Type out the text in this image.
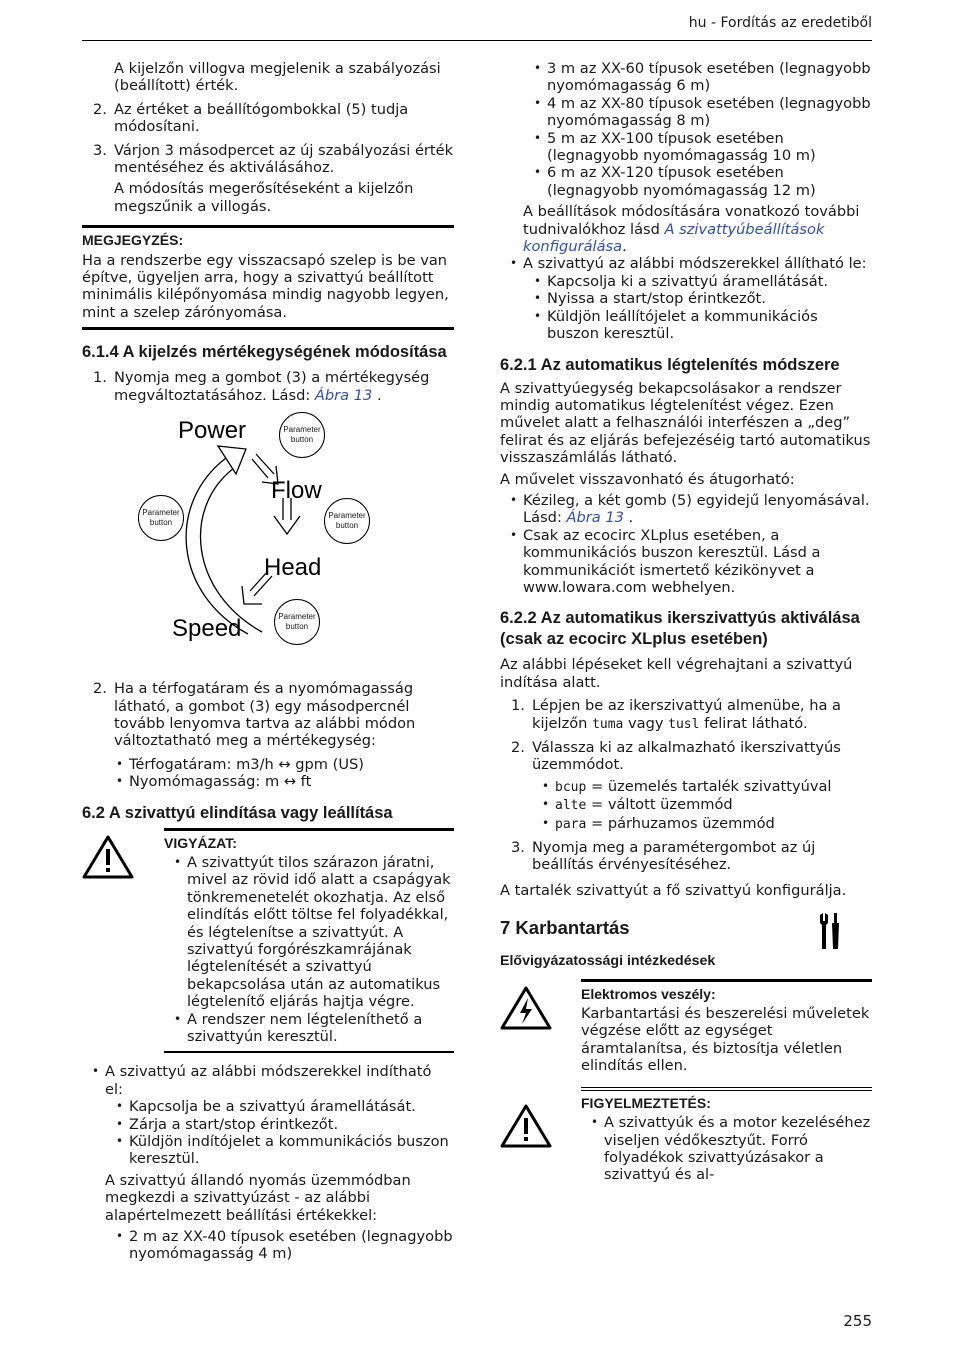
hu - Fordítás az eredetiből

A kijelzőn villogva megjelenik a szabályozási (beállított) érték.

2. Az értéket a beállítógombokkal (5) tudja módosítani.

3. Várjon 3 másodpercet az új szabályozási érték mentéséhez és aktiválásához.

A módosítás megerősítéseként a kijelzőn megszűnik a villogás.

MEGJEGYZÉS:

Ha a rendszerbe egy visszacsapó szelep is be van építve, ügyeljen arra, hogy a szivattyú beállított minimális kilépőnyomása mindig nagyobb legyen, mint a szelep zárónyomása.

6.1.4 A kijelzés mértékegységének módosítása
1. Nyomja meg a gombot (3) a mértékegység megváltoztatásához. Lásd: Ábra 13 .

Power
Flow
Head
Speed
Parameter button
Parameter button
Parameter button
Parameter button
2. Ha a térfogatáram és a nyomómagasság látható, a gombot (3) egy másodpercnél tovább lenyomva tartva az alábbi módon változtatható meg a mértékegység:

• Térfogatáram: m3/h ↔ gpm (US)

• Nyomómagasság: m ↔ ft

6.2 A szivattyú elindítása vagy leállítása
VIGYÁZAT:
• A szivattyút tilos szárazon járatni, mivel az rövid idő alatt a csapágyak tönkremenetelét okozhatja. Az első elindítás előtt töltse fel folyadékkal, és légtelenítse a szivattyút. A szivattyú forgórészkamrájának légtelenítését a szivattyú bekapcsolása után az automatikus légtelenítő eljárás hajtja végre.

• A rendszer nem légteleníthető a szivattyún keresztül.

• A szivattyú az alábbi módszerekkel indítható el:

• Kapcsolja be a szivattyú áramellátását.

• Zárja a start/stop érintkezőt.

• Küldjön indítójelet a kommunikációs buszon keresztül.

A szivattyú állandó nyomás üzemmódban megkezdi a szivattyúzást - az alábbi alapértelmezett beállítási értékekkel:

• 2 m az XX-40 típusok esetében (legnagyobb nyomómagasság 4 m)

• 3 m az XX-60 típusok esetében (legnagyobb nyomómagasság 6 m)

• 4 m az XX-80 típusok esetében (legnagyobb nyomómagasság 8 m)

• 5 m az XX-100 típusok esetében (legnagyobb nyomómagasság 10 m)

• 6 m az XX-120 típusok esetében (legnagyobb nyomómagasság 12 m)

A beállítások módosítására vonatkozó további tudnivalókhoz lásd A szivattyúbeállítások konfigurálása.

• A szivattyú az alábbi módszerekkel állítható le:

• Kapcsolja ki a szivattyú áramellátását.

• Nyissa a start/stop érintkezőt.

• Küldjön leállítójelet a kommunikációs buszon keresztül.

6.2.1 Az automatikus légtelenítés módszere

A szivattyúegység bekapcsolásakor a rendszer mindig automatikus légtelenítést végez. Ezen művelet alatt a felhasználói interfészen a „deg” felirat és az eljárás befejezéséig tartó automatikus visszaszámlálás látható.

A művelet visszavonható és átugorható:

• Kézileg, a két gomb (5) egyidejű lenyomásával. Lásd: Ábra 13 .

• Csak az ecocirc XLplus esetében, a kommunikációs buszon keresztül. Lásd a kommunikációt ismertető kézikönyvet a www.lowara.com webhelyen.

6.2.2 Az automatikus ikerszivattyús aktiválása (csak az ecocirc XLplus esetében)

Az alábbi lépéseket kell végrehajtani a szivattyú indítása alatt.

1. Lépjen be az ikerszivattyú almenübe, ha a kijelzőn tuma vagy tusl felirat látható.

2. Válassza ki az alkalmazható ikerszivattyús üzemmódot.

• bcup = üzemelés tartalék szivattyúval

• alte = váltott üzemmód

• para = párhuzamos üzemmód

3. Nyomja meg a paramétergombot az új beállítás érvényesítéséhez.

A tartalék szivattyút a fő szivattyú konfigurálja.

7 Karbantartás
Elővigyázatossági intézkedések
Elektromos veszély:

Karbantartási és beszerelési műveletek végzése előtt az egységet áramtalanítsa, és biztosítja véletlen elindítás ellen.

FIGYELMEZTETÉS:
• A szivattyúk és a motor kezeléséhez viseljen védőkesztyűt. Forró folyadékok szivattyúzásakor a szivattyú és al-

255
